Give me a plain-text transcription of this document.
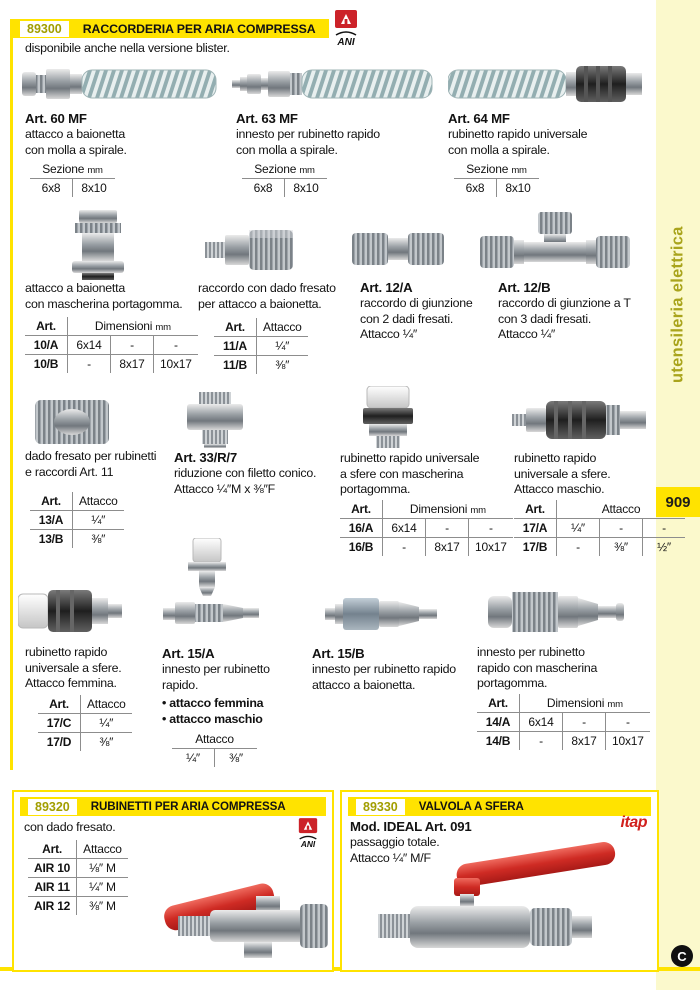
utensileria elettrica
909
C
89300	RACCORDERIA PER ARIA COMPRESSA
ANI
disponibile anche nella versione blister.
Art. 60 MF
attacco a baionetta
con molla a spirale.
Sezione mm
6x8	8x10
Art. 63 MF
innesto per rubinetto rapido
con molla a spirale.
Sezione mm
6x8	8x10
Art. 64 MF
rubinetto rapido universale
con molla a spirale.
Sezione mm
6x8	8x10
attacco a baionetta
con mascherina portagomma.
Art.	Dimensioni mm		
10/A	6x14	-	-
10/B	-	8x17	10x17
raccordo con dado fresato
per attacco a baionetta.
Art.	Attacco
11/A	¼″
11/B	⅜″
Art. 12/A
raccordo di giunzione
con 2 dadi fresati.
Attacco ¼″
Art. 12/B
raccordo di giunzione a T
con 3 dadi fresati.
Attacco ¼″
dado fresato per rubinetti
e raccordi Art. 11
Art.	Attacco
13/A	¼″
13/B	⅜″
Art. 33/R/7
riduzione con filetto conico.
Attacco ¼″M x ⅜″F
rubinetto rapido universale
a sfere con mascherina
portagomma.
Art.	Dimensioni mm		
16/A	6x14	-	-
16/B	-	8x17	10x17
rubinetto rapido
universale a sfere.
Attacco maschio.
Art.	Attacco		
17/A	¼″	-	-
17/B	-	⅜″	½″
rubinetto rapido
universale a sfere.
Attacco femmina.
Art.	Attacco
17/C	¼″
17/D	⅜″
Art. 15/A
innesto per rubinetto
rapido.
• attacco femmina
• attacco maschio
Attacco
¼″	⅜″
Art. 15/B
innesto per rubinetto rapido
attacco a baionetta.
innesto per rubinetto
rapido con mascherina
portagomma.
Art.	Dimensioni mm		
14/A	6x14	-	-
14/B	-	8x17	10x17
89320	RUBINETTI PER ARIA COMPRESSA
con dado fresato.
ANI
Art.	Attacco
AIR 10	⅛″ M
AIR 11	¼″ M
AIR 12	⅜″ M
89330	VALVOLA A SFERA
Mod. IDEAL Art. 091
passaggio totale.
Attacco ¼″ M/F
itap
